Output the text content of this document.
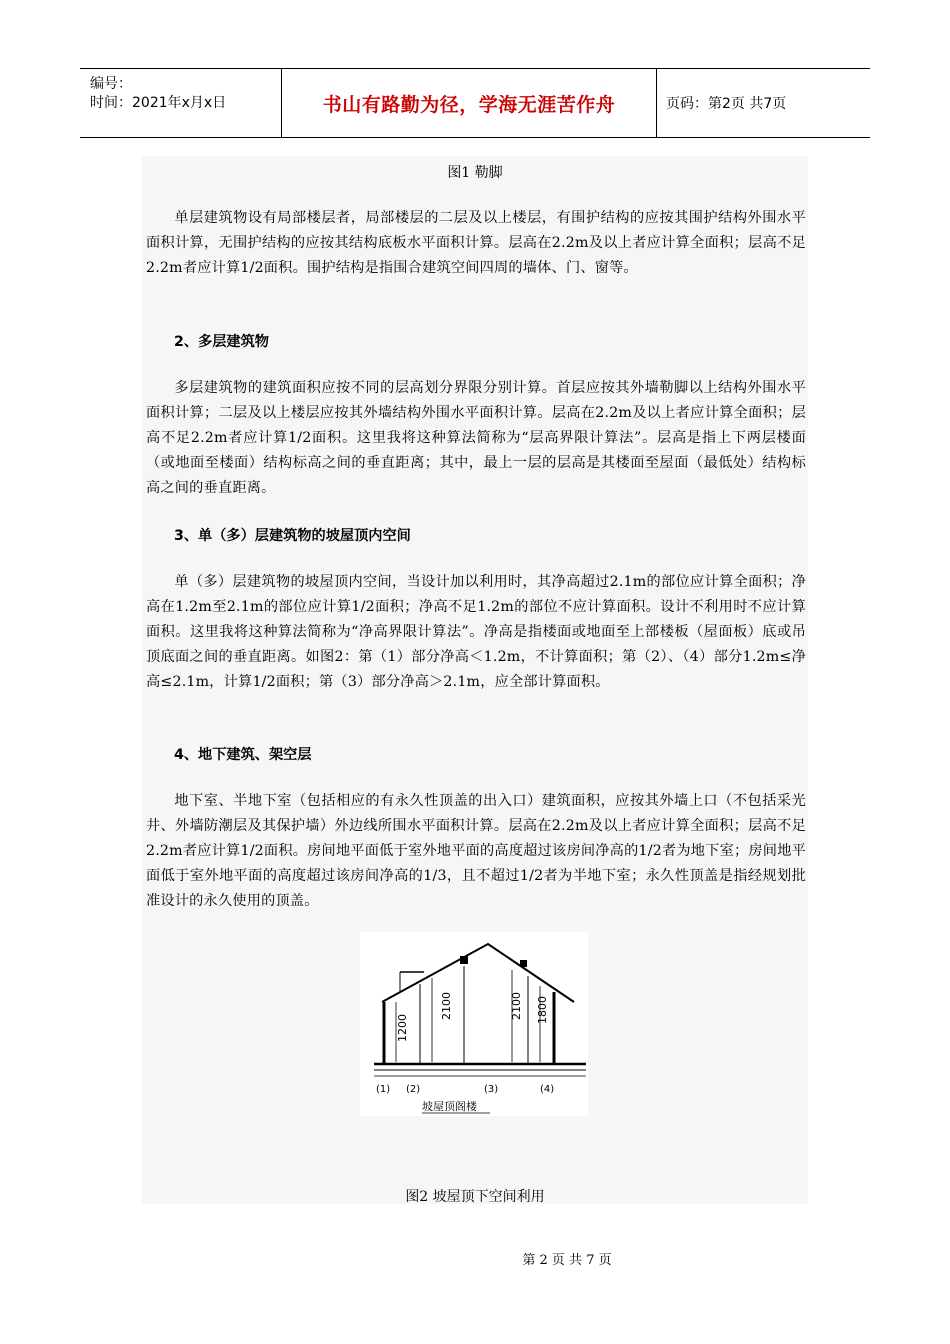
编号：
时间：2021年x月x日	书山有路勤为径，学海无涯苦作舟	页码：第2页 共7页
图1 勒脚
单层建筑物设有局部楼层者，局部楼层的二层及以上楼层，有围护结构的应按其围护结构外围水平面积计算，无围护结构的应按其结构底板水平面积计算。层高在2.2m及以上者应计算全面积；层高不足2.2m者应计算1/2面积。围护结构是指围合建筑空间四周的墙体、门、窗等。
2、多层建筑物
多层建筑物的建筑面积应按不同的层高划分界限分别计算。首层应按其外墙勒脚以上结构外围水平面积计算；二层及以上楼层应按其外墙结构外围水平面积计算。层高在2.2m及以上者应计算全面积；层高不足2.2m者应计算1/2面积。这里我将这种算法简称为“层高界限计算法”。层高是指上下两层楼面（或地面至楼面）结构标高之间的垂直距离；其中，最上一层的层高是其楼面至屋面（最低处）结构标高之间的垂直距离。
3、单（多）层建筑物的坡屋顶内空间
单（多）层建筑物的坡屋顶内空间，当设计加以利用时，其净高超过2.1m的部位应计算全面积；净高在1.2m至2.1m的部位应计算1/2面积；净高不足1.2m的部位不应计算面积。设计不利用时不应计算面积。这里我将这种算法简称为“净高界限计算法”。净高是指楼面或地面至上部楼板（屋面板）底或吊顶底面之间的垂直距离。如图2：第（1）部分净高＜1.2m，不计算面积；第（2）、（4）部分1.2m≤净高≤2.1m，计算1/2面积；第（3）部分净高＞2.1m，应全部计算面积。
4、地下建筑、架空层
地下室、半地下室（包括相应的有永久性顶盖的出入口）建筑面积，应按其外墙上口（不包括采光井、外墙防潮层及其保护墙）外边线所围水平面积计算。层高在2.2m及以上者应计算全面积；层高不足2.2m者应计算1/2面积。房间地平面低于室外地平面的高度超过该房间净高的1/2者为地下室；房间地平面低于室外地平面的高度超过该房间净高的1/3，且不超过1/2者为半地下室；永久性顶盖是指经规划批准设计的永久使用的顶盖。
1200
2100	2100 1800
(1) (2)	(3)	(4)
坡屋顶阁楼
图2 坡屋顶下空间利用
第 2 页 共 7 页
